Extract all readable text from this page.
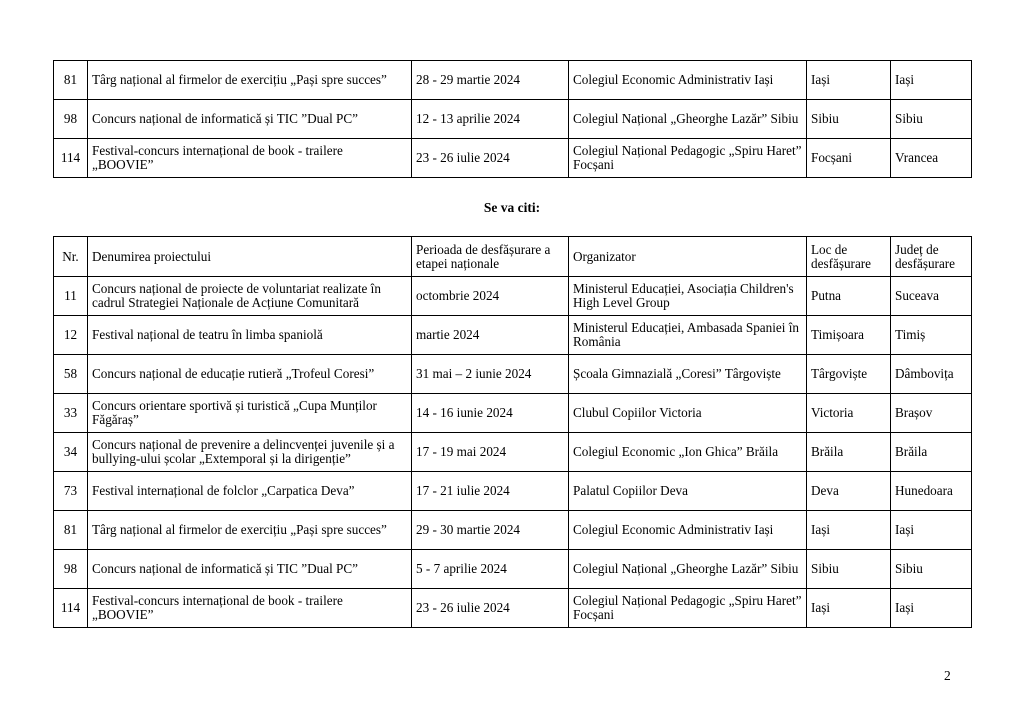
81	Târg național al firmelor de exercițiu „Pași spre succes”	28 - 29 martie 2024	Colegiul Economic Administrativ Iași	Iași	Iași
98	Concurs național de informatică și TIC ”Dual PC”	12 - 13 aprilie 2024	Colegiul Național „Gheorghe Lazăr” Sibiu	Sibiu	Sibiu
114	Festival-concurs internațional de book - trailere „BOOVIE”	23 - 26 iulie 2024	Colegiul Național Pedagogic „Spiru Haret” Focșani	Focșani	Vrancea
Se va citi:
Nr.	Denumirea proiectului	Perioada de desfășurare a etapei naționale	Organizator	Loc de desfășurare	Județ de desfășurare
11	Concurs național de proiecte de voluntariat realizate în cadrul Strategiei Naționale de Acțiune Comunitară	octombrie 2024	Ministerul Educației, Asociația Children's High Level Group	Putna	Suceava
12	Festival național de teatru în limba spaniolă	martie 2024	Ministerul Educației, Ambasada Spaniei în România	Timișoara	Timiș
58	Concurs național de educație rutieră „Trofeul Coresi”	31 mai – 2 iunie 2024	Școala Gimnazială „Coresi” Târgoviște	Târgoviște	Dâmbovița
33	Concurs orientare sportivă și turistică „Cupa Munților Făgăraș”	14 - 16 iunie 2024	Clubul Copiilor Victoria	Victoria	Brașov
34	Concurs național de prevenire a delincvenței juvenile și a bullying-ului școlar „Extemporal și la dirigenție”	17 - 19 mai 2024	Colegiul Economic „Ion Ghica” Brăila	Brăila	Brăila
73	Festival internațional de folclor „Carpatica Deva”	17 - 21 iulie 2024	Palatul Copiilor Deva	Deva	Hunedoara
81	Târg național al firmelor de exercițiu „Pași spre succes”	29 - 30 martie 2024	Colegiul Economic Administrativ Iași	Iași	Iași
98	Concurs național de informatică și TIC ”Dual PC”	5 - 7 aprilie 2024	Colegiul Național „Gheorghe Lazăr” Sibiu	Sibiu	Sibiu
114	Festival-concurs internațional de book - trailere „BOOVIE”	23 - 26 iulie 2024	Colegiul Național Pedagogic „Spiru Haret” Focșani	Iași	Iași
2
